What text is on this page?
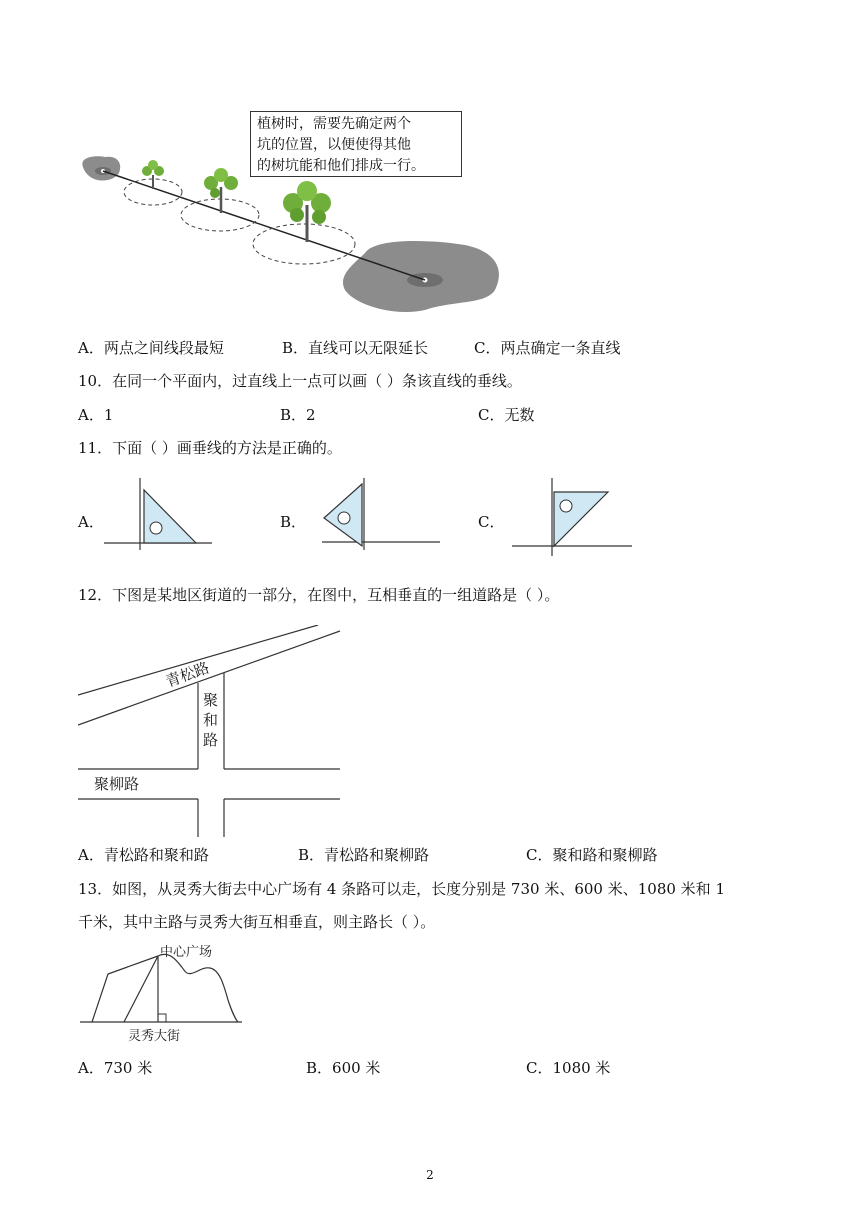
植树时，需要先确定两个
坑的位置，以便使得其他
的树坑能和他们排成一行。
A．两点之间线段最短	B．直线可以无限延长	C．两点确定一条直线
10．在同一个平面内，过直线上一点可以画（ ）条该直线的垂线。
A．1	B．2	C．无数
11．下面（ ）画垂线的方法是正确的。
A．	B．	C．
12．下图是某地区街道的一部分，在图中，互相垂直的一组道路是（ ）。
青松路
聚
和
路
聚柳路
A．青松路和聚和路	B．青松路和聚柳路	C．聚和路和聚柳路
13．如图，从灵秀大街去中心广场有 4 条路可以走，长度分别是 730 米、600 米、1080 米和 1
千米，其中主路与灵秀大街互相垂直，则主路长（ ）。
中心广场
灵秀大街
A．730 米	B．600 米	C．1080 米
2
